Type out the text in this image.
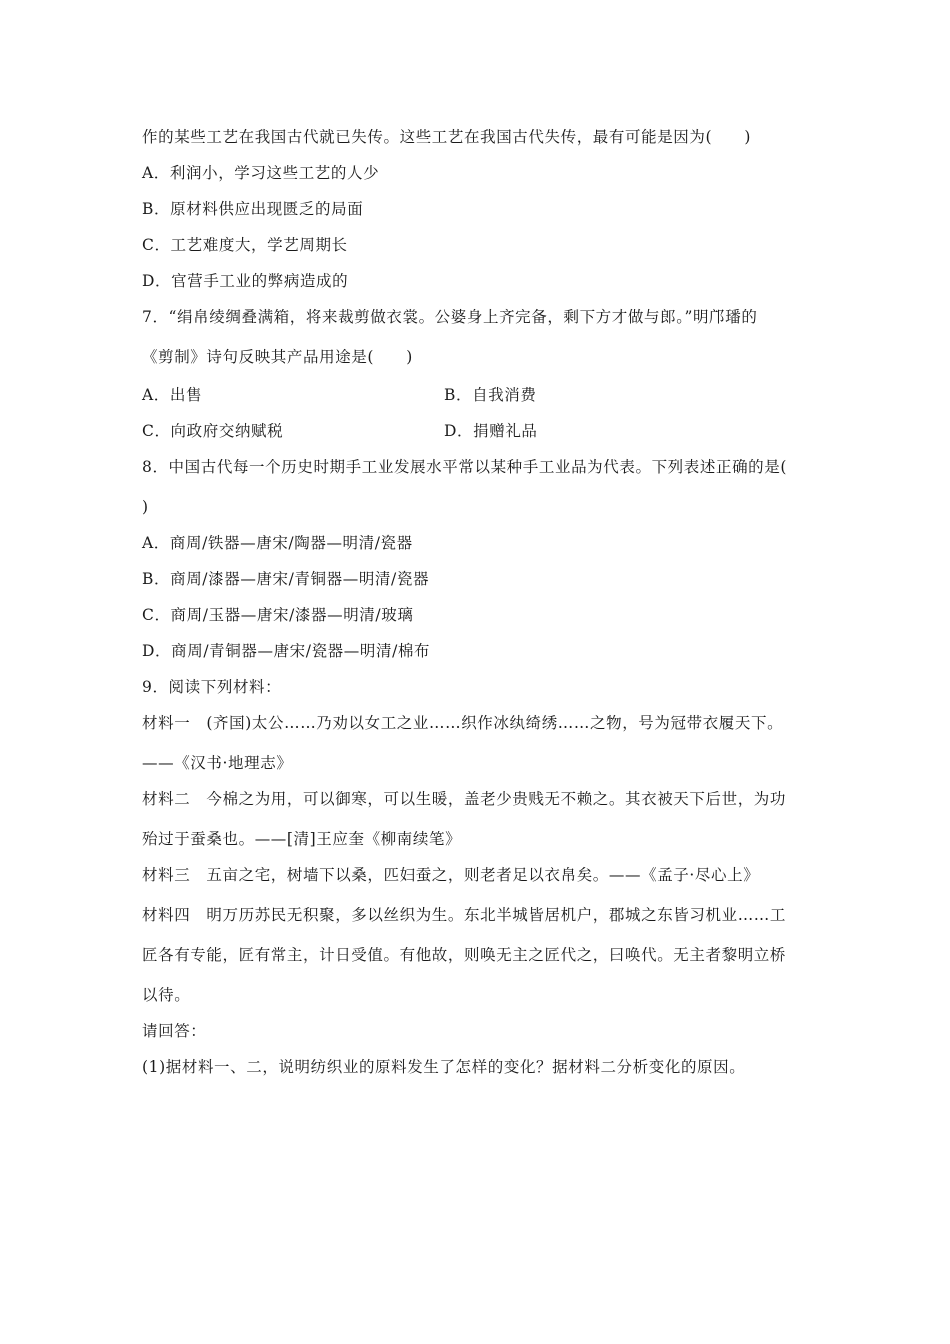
作的某些工艺在我国古代就已失传。这些工艺在我国古代失传，最有可能是因为(　　)
A．利润小，学习这些工艺的人少
B．原材料供应出现匮乏的局面
C．工艺难度大，学艺周期长
D．官营手工业的弊病造成的
7．“绢帛绫绸叠满箱，将来裁剪做衣裳。公婆身上齐完备，剩下方才做与郎。”明邝璠的
《剪制》诗句反映其产品用途是(　　)
A．出售	B．自我消费
C．向政府交纳赋税	D．捐赠礼品
8．中国古代每一个历史时期手工业发展水平常以某种手工业品为代表。下列表述正确的是(
)
A．商周/铁器—唐宋/陶器—明清/瓷器
B．商周/漆器—唐宋/青铜器—明清/瓷器
C．商周/玉器—唐宋/漆器—明清/玻璃
D．商周/青铜器—唐宋/瓷器—明清/棉布
9．阅读下列材料：
材料一　(齐国)太公……乃劝以女工之业……织作冰纨绮绣……之物，号为冠带衣履天下。
——《汉书·地理志》
材料二　今棉之为用，可以御寒，可以生暖，盖老少贵贱无不赖之。其衣被天下后世，为功
殆过于蚕桑也。——[清]王应奎《柳南续笔》
材料三　五亩之宅，树墙下以桑，匹妇蚕之，则老者足以衣帛矣。——《孟子·尽心上》
材料四　明万历苏民无积聚，多以丝织为生。东北半城皆居机户，郡城之东皆习机业……工
匠各有专能，匠有常主，计日受值。有他故，则唤无主之匠代之，曰唤代。无主者黎明立桥
以待。
请回答：
(1)据材料一、二，说明纺织业的原料发生了怎样的变化？据材料二分析变化的原因。
